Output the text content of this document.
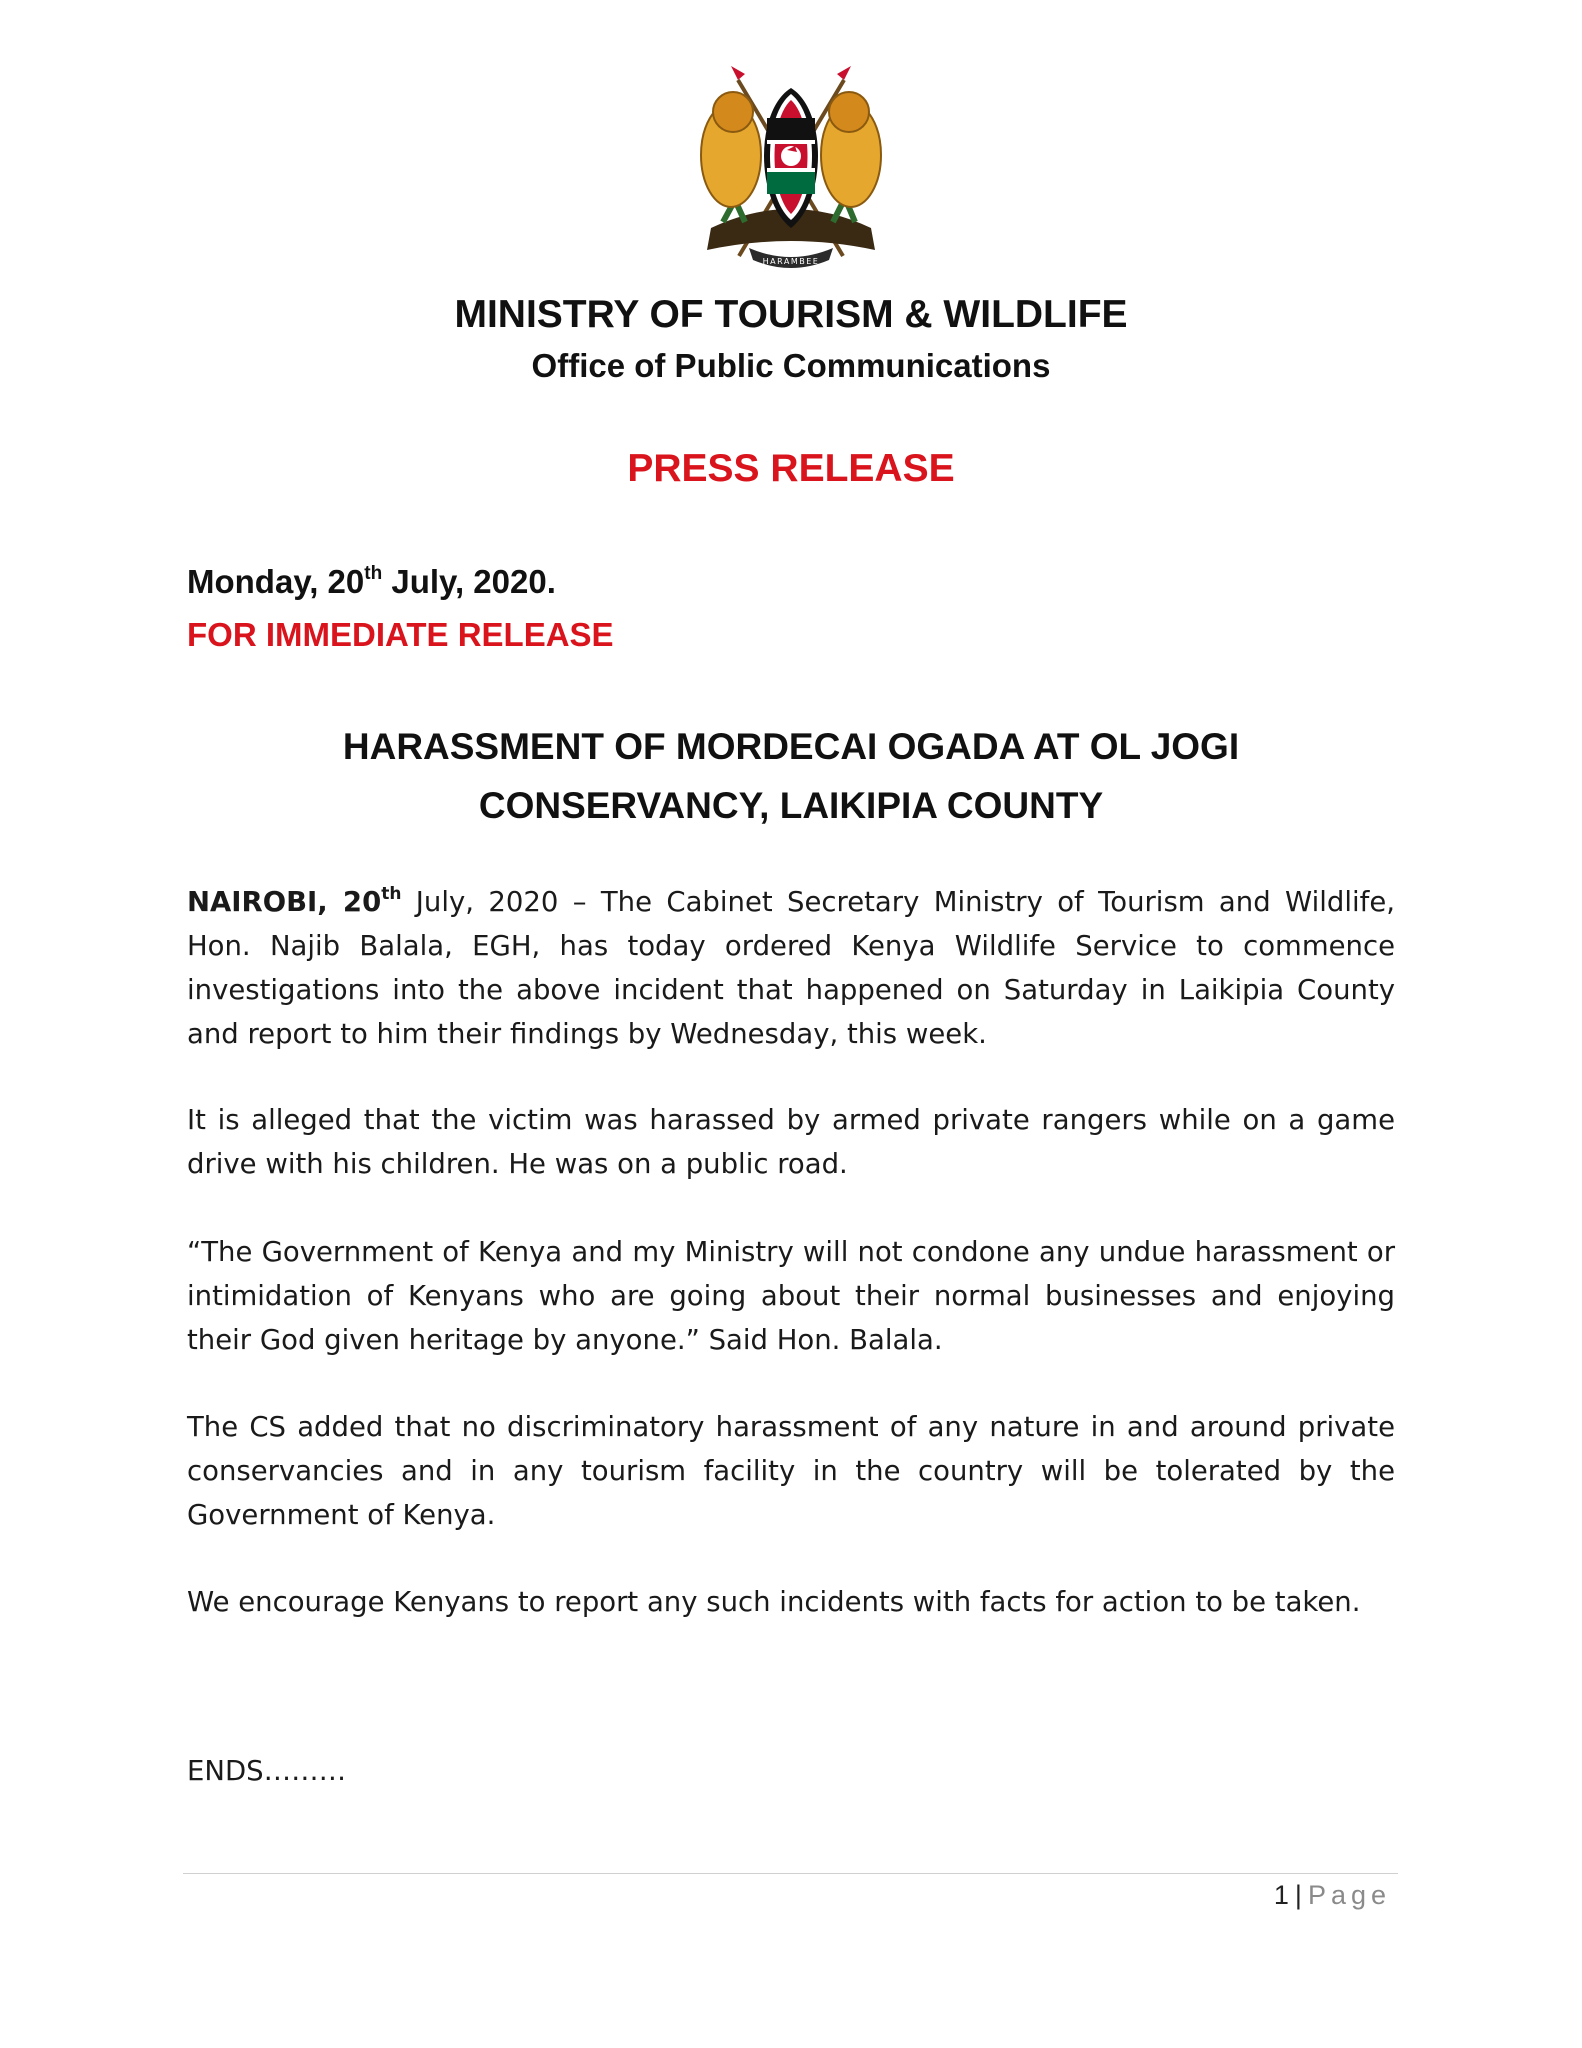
HARAMBEE
MINISTRY OF TOURISM & WILDLIFE
Office of Public Communications
PRESS RELEASE
Monday, 20th July, 2020.
FOR IMMEDIATE RELEASE
HARASSMENT OF MORDECAI OGADA AT OL JOGI
CONSERVANCY, LAIKIPIA COUNTY

NAIROBI, 20th July, 2020 – The Cabinet Secretary Ministry of Tourism and Wildlife, Hon. Najib Balala, EGH, has today ordered Kenya Wildlife Service to commence investigations into the above incident that happened on Saturday in Laikipia County and report to him their findings by Wednesday, this week.

It is alleged that the victim was harassed by armed private rangers while on a game drive with his children. He was on a public road.

“The Government of Kenya and my Ministry will not condone any undue harassment or intimidation of Kenyans who are going about their normal businesses and enjoying their God given heritage by anyone.” Said Hon. Balala.

The CS added that no discriminatory harassment of any nature in and around private conservancies and in any tourism facility in the country will be tolerated by the Government of Kenya.

We encourage Kenyans to report any such incidents with facts for action to be taken.

ENDS………
1 | Page
